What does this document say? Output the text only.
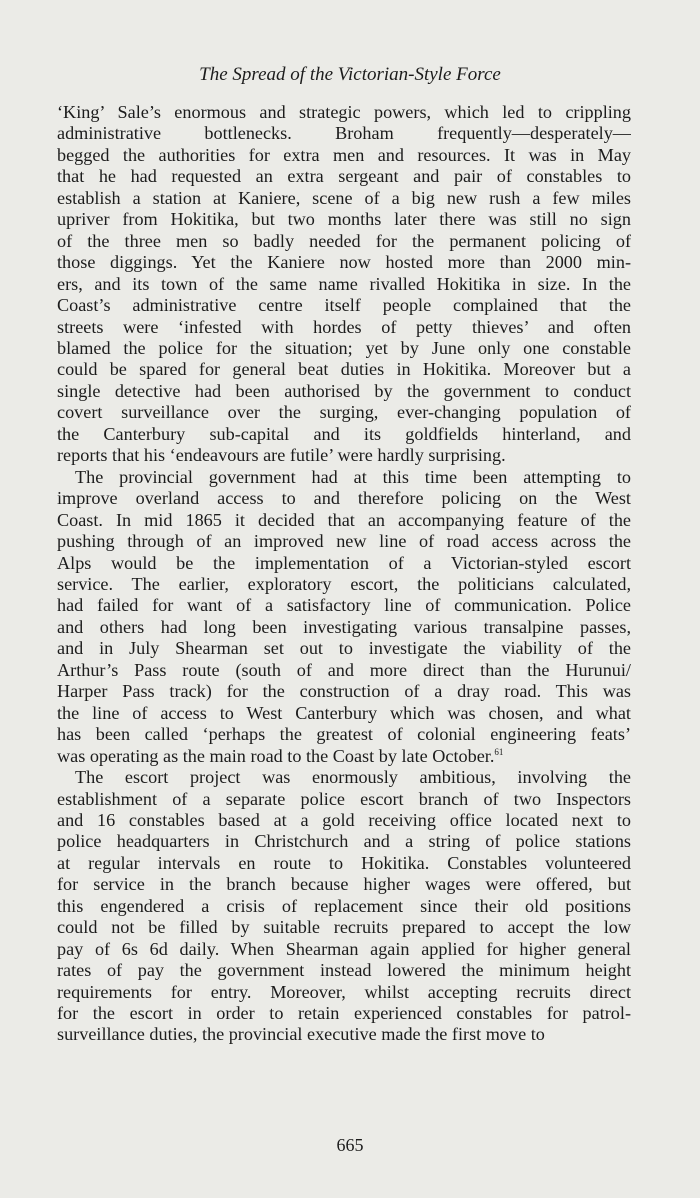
The Spread of the Victorian-Style Force
‘King’ Sale’s enormous and strategic powers, which led to crippling
administrative bottlenecks. Broham frequently—desperately—
begged the authorities for extra men and resources. It was in May
that he had requested an extra sergeant and pair of constables to
establish a station at Kaniere, scene of a big new rush a few miles
upriver from Hokitika, but two months later there was still no sign
of the three men so badly needed for the permanent policing of
those diggings. Yet the Kaniere now hosted more than 2000 min-
ers, and its town of the same name rivalled Hokitika in size. In the
Coast’s administrative centre itself people complained that the
streets were ‘infested with hordes of petty thieves’ and often
blamed the police for the situation; yet by June only one constable
could be spared for general beat duties in Hokitika. Moreover but a
single detective had been authorised by the government to conduct
covert surveillance over the surging, ever-changing population of
the Canterbury sub-capital and its goldfields hinterland, and
reports that his ‘endeavours are futile’ were hardly surprising.
The provincial government had at this time been attempting to
improve overland access to and therefore policing on the West
Coast. In mid 1865 it decided that an accompanying feature of the
pushing through of an improved new line of road access across the
Alps would be the implementation of a Victorian-styled escort
service. The earlier, exploratory escort, the politicians calculated,
had failed for want of a satisfactory line of communication. Police
and others had long been investigating various transalpine passes,
and in July Shearman set out to investigate the viability of the
Arthur’s Pass route (south of and more direct than the Hurunui/
Harper Pass track) for the construction of a dray road. This was
the line of access to West Canterbury which was chosen, and what
has been called ‘perhaps the greatest of colonial engineering feats’
was operating as the main road to the Coast by late October.$^{61}$
The escort project was enormously ambitious, involving the
establishment of a separate police escort branch of two Inspectors
and 16 constables based at a gold receiving office located next to
police headquarters in Christchurch and a string of police stations
at regular intervals en route to Hokitika. Constables volunteered
for service in the branch because higher wages were offered, but
this engendered a crisis of replacement since their old positions
could not be filled by suitable recruits prepared to accept the low
pay of 6s 6d daily. When Shearman again applied for higher general
rates of pay the government instead lowered the minimum height
requirements for entry. Moreover, whilst accepting recruits direct
for the escort in order to retain experienced constables for patrol-
surveillance duties, the provincial executive made the first move to
665
